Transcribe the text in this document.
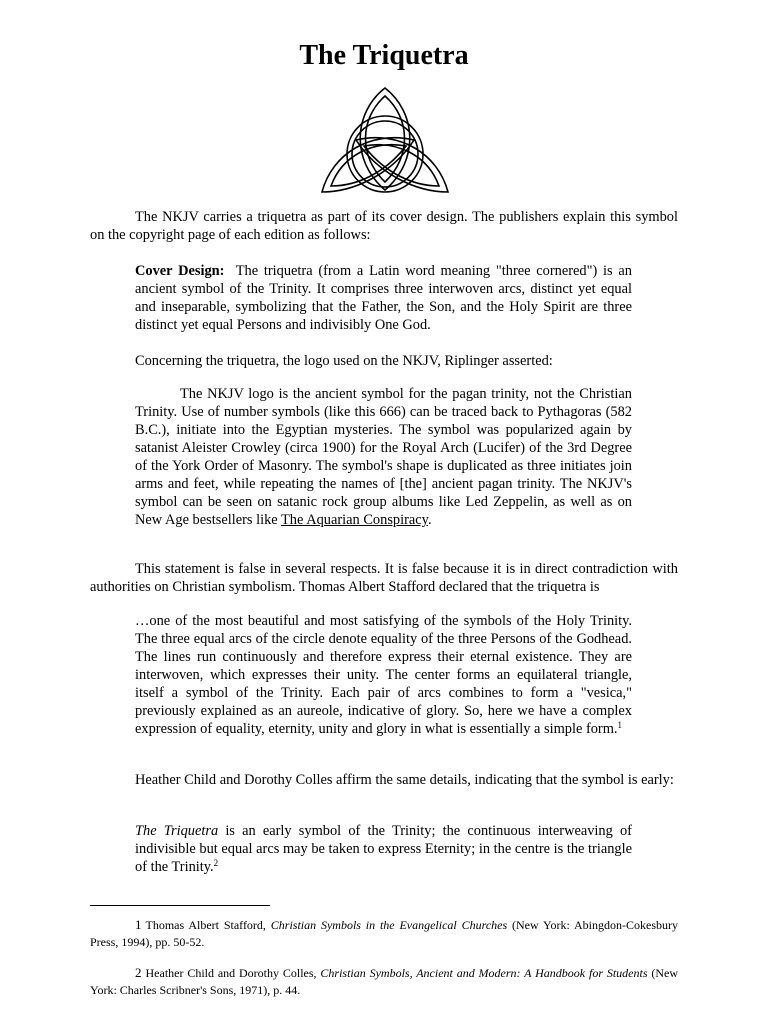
The Triquetra

The NKJV carries a triquetra as part of its cover design. The publishers explain this symbol on the copyright page of each edition as follows:

Cover Design: The triquetra (from a Latin word meaning "three cornered") is an ancient symbol of the Trinity. It comprises three interwoven arcs, distinct yet equal and inseparable, symbolizing that the Father, the Son, and the Holy Spirit are three distinct yet equal Persons and indivisibly One God.

Concerning the triquetra, the logo used on the NKJV, Riplinger asserted:

The NKJV logo is the ancient symbol for the pagan trinity, not the Christian Trinity. Use of number symbols (like this 666) can be traced back to Pythagoras (582 B.C.), initiate into the Egyptian mysteries. The symbol was popularized again by satanist Aleister Crowley (circa 1900) for the Royal Arch (Lucifer) of the 3rd Degree of the York Order of Masonry. The symbol's shape is duplicated as three initiates join arms and feet, while repeating the names of [the] ancient pagan trinity. The NKJV's symbol can be seen on satanic rock group albums like Led Zeppelin, as well as on New Age bestsellers like The Aquarian Conspiracy.

This statement is false in several respects. It is false because it is in direct contradiction with authorities on Christian symbolism. Thomas Albert Stafford declared that the triquetra is

…one of the most beautiful and most satisfying of the symbols of the Holy Trinity. The three equal arcs of the circle denote equality of the three Persons of the Godhead. The lines run continuously and therefore express their eternal existence. They are interwoven, which expresses their unity. The center forms an equilateral triangle, itself a symbol of the Trinity. Each pair of arcs combines to form a "vesica," previously explained as an aureole, indicative of glory. So, here we have a complex expression of equality, eternity, unity and glory in what is essentially a simple form.$^1$

Heather Child and Dorothy Colles affirm the same details, indicating that the symbol is early:

The Triquetra is an early symbol of the Trinity; the continuous interweaving of indivisible but equal arcs may be taken to express Eternity; in the centre is the triangle of the Trinity.$^2$

1 Thomas Albert Stafford, Christian Symbols in the Evangelical Churches (New York: Abingdon-Cokesbury Press, 1994), pp. 50-52.

2 Heather Child and Dorothy Colles, Christian Symbols, Ancient and Modern: A Handbook for Students (New York: Charles Scribner's Sons, 1971), p. 44.
